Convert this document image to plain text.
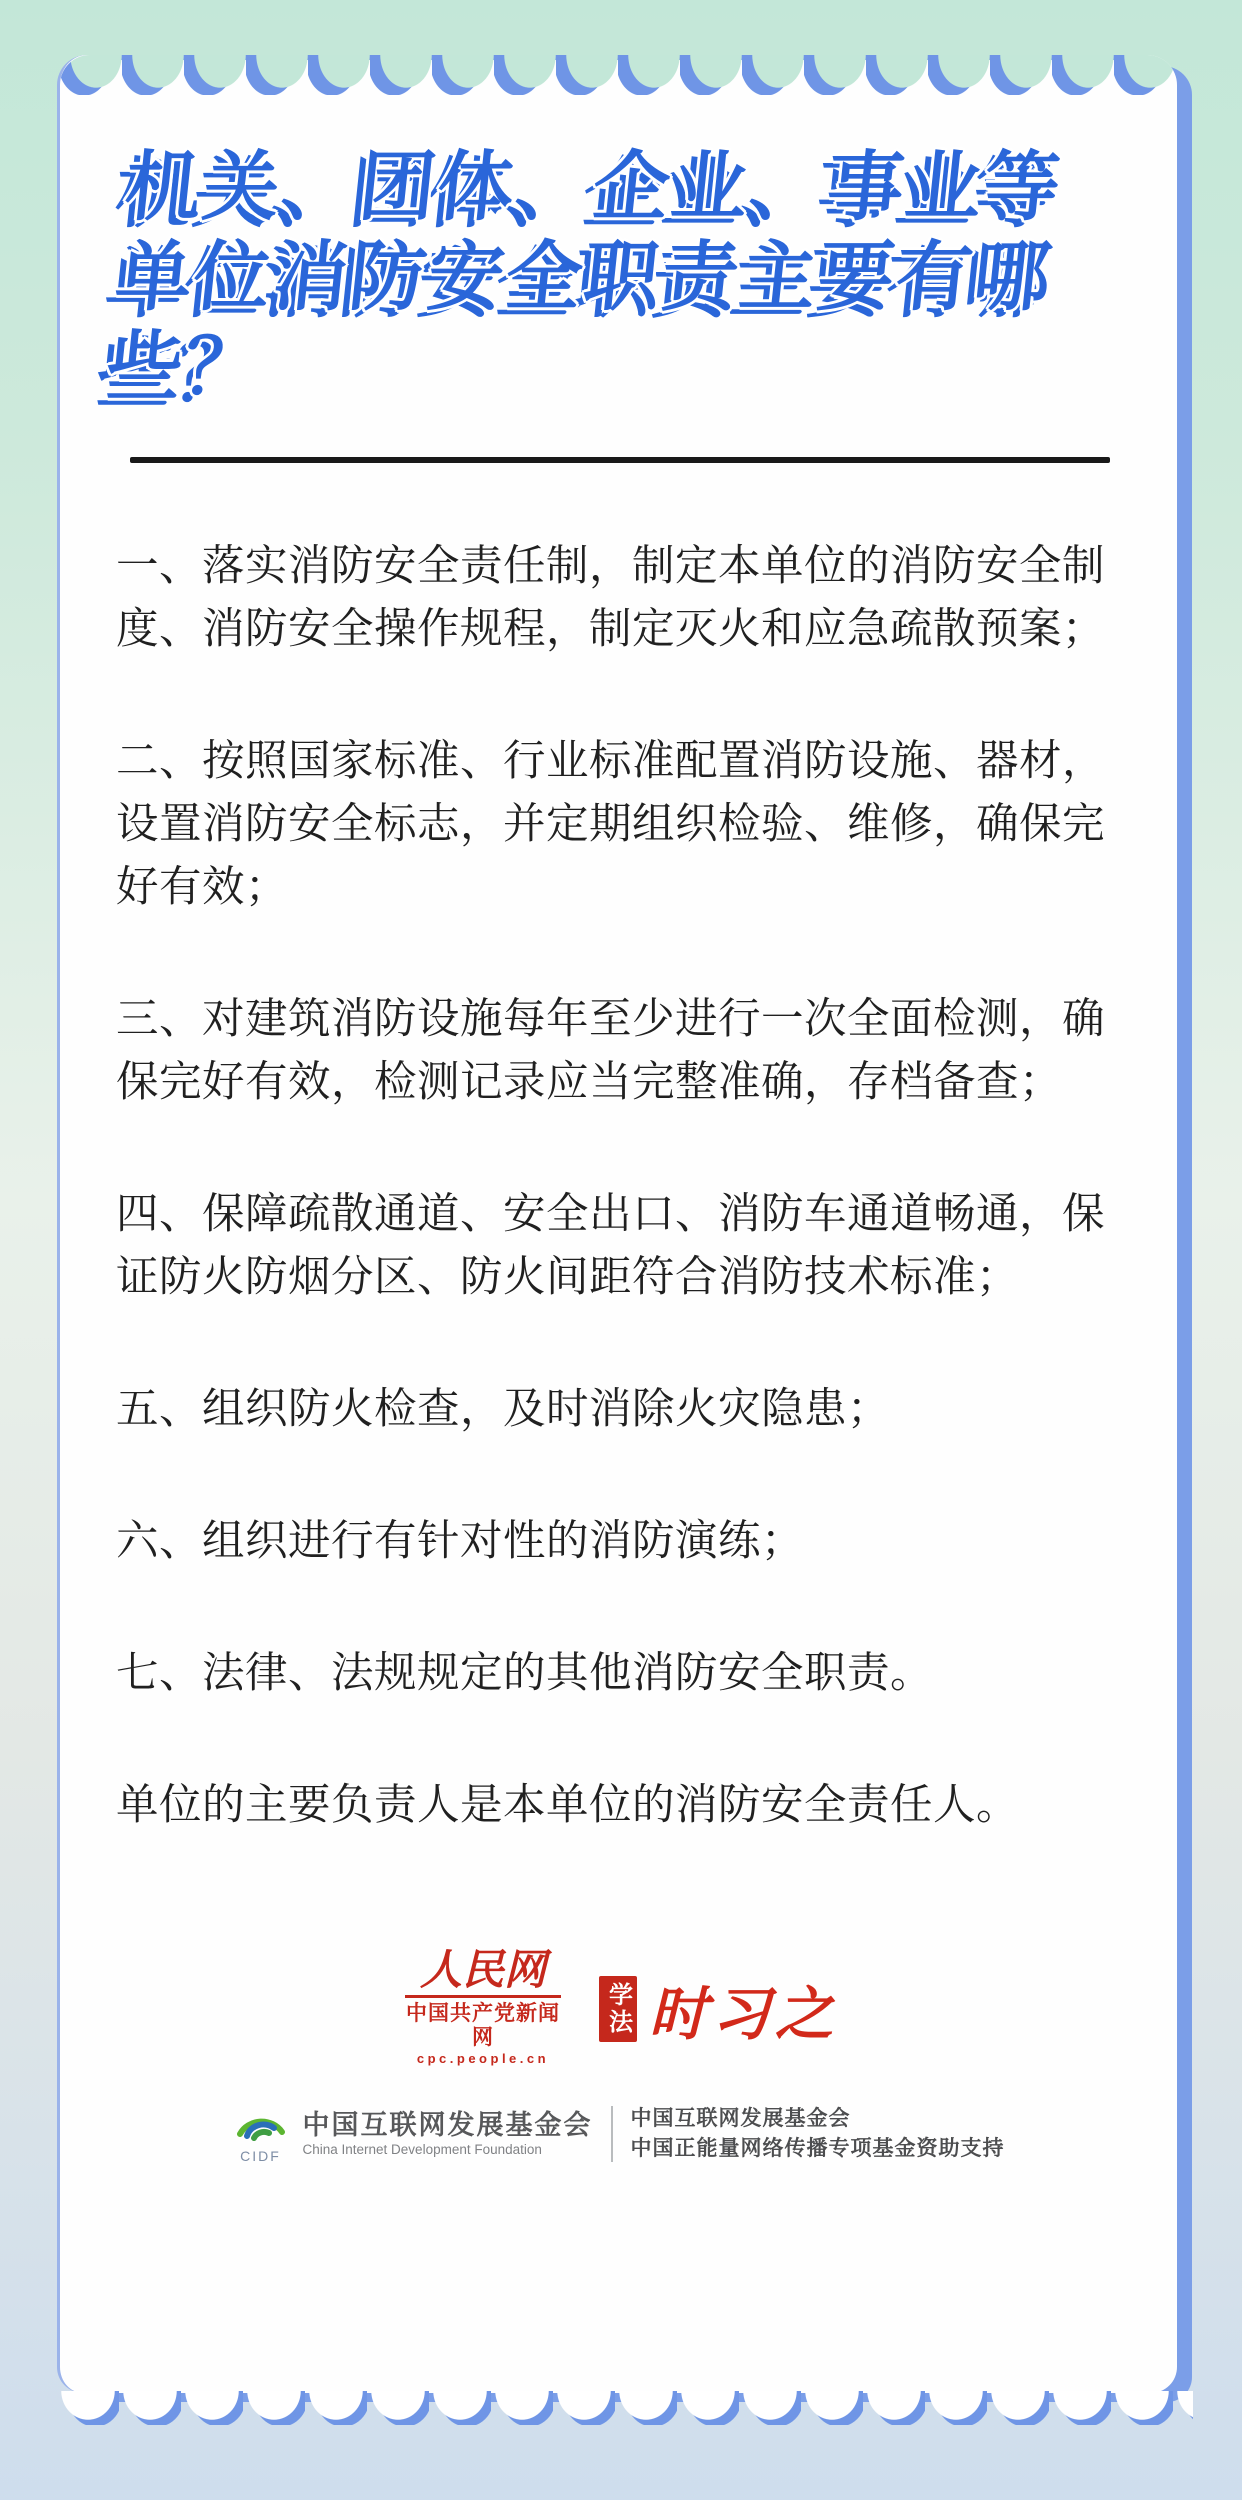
机关、团体、企业、事业等
单位消防安全职责主要有哪
些？

一、落实消防安全责任制，制定本单位的消防安全制度、消防安全操作规程，制定灭火和应急疏散预案；

二、按照国家标准、行业标准配置消防设施、器材，设置消防安全标志，并定期组织检验、维修，确保完好有效；

三、对建筑消防设施每年至少进行一次全面检测，确保完好有效，检测记录应当完整准确，存档备查；

四、保障疏散通道、安全出口、消防车通道畅通，保证防火防烟分区、防火间距符合消防技术标准；

五、组织防火检查，及时消除火灾隐患；

六、组织进行有针对性的消防演练；

七、法律、法规规定的其他消防安全职责。

单位的主要负责人是本单位的消防安全责任人。

人民网
中国共产党新闻网
cpc.people.cn
学法 时习之
CIDF
中国互联网发展基金会
China Internet Development Foundation
中国互联网发展基金会
中国正能量网络传播专项基金资助支持
